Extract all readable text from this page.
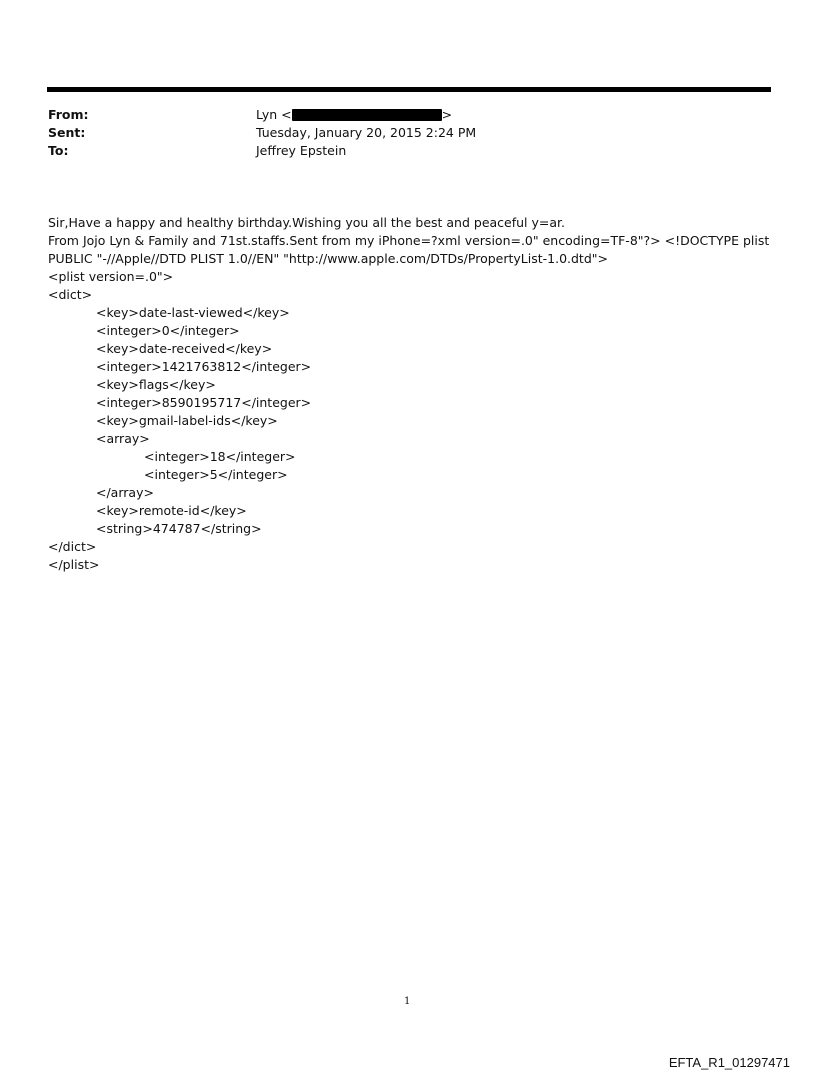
From:	Lyn <	>
Sent:	Tuesday, January 20, 2015 2:24 PM
To:	Jeffrey Epstein
Sir,Have a happy and healthy birthday.Wishing you all the best and peaceful y=ar.
From Jojo Lyn & Family and 71st.staffs.Sent from my iPhone=?xml version=.0" encoding=TF-8"?> <!DOCTYPE plist
PUBLIC "-//Apple//DTD PLIST 1.0//EN" "http://www.apple.com/DTDs/PropertyList-1.0.dtd">
<plist version=.0">
<dict>
<key>date-last-viewed</key>
<integer>0</integer>
<key>date-received</key>
<integer>1421763812</integer>
<key>flags</key>
<integer>8590195717</integer>
<key>gmail-label-ids</key>
<array>
<integer>18</integer>
<integer>5</integer>
</array>
<key>remote-id</key>
<string>474787</string>
</dict>
</plist>
1
EFTA_R1_01297471
